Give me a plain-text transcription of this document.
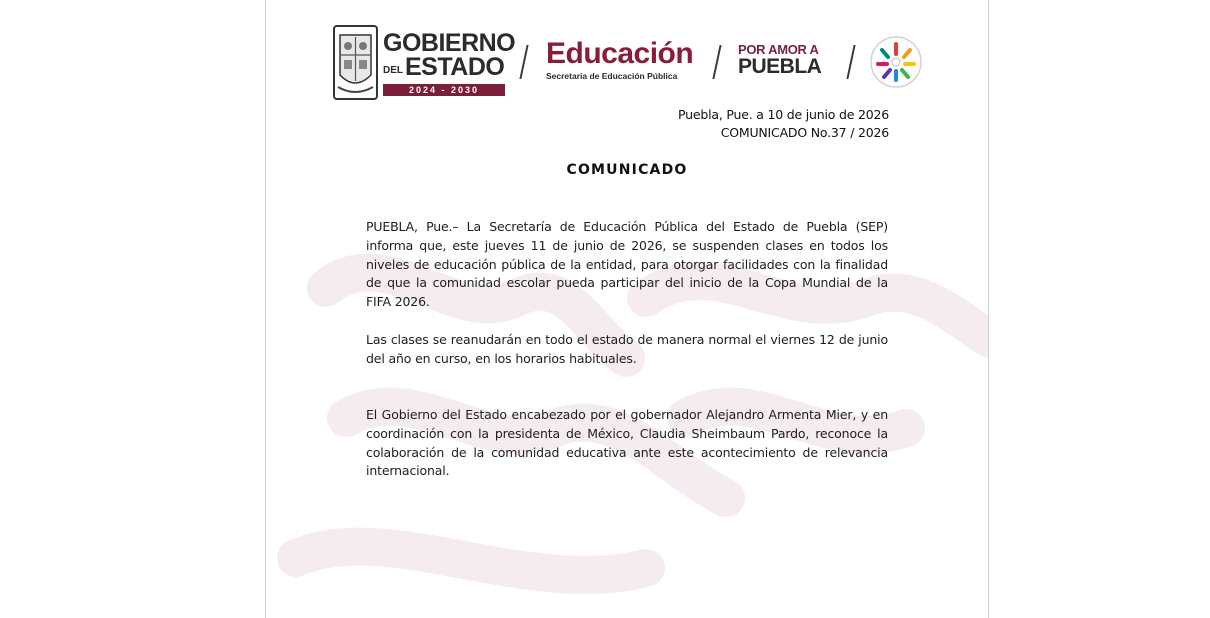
GOBIERNO
DELESTADO
2024 - 2030
Educación
Secretaría de Educación Pública
POR AMOR A
PUEBLA
Puebla, Pue. a 10 de junio de 2026
COMUNICADO No.37 / 2026
COMUNICADO
PUEBLA, Pue.– La Secretaría de Educación Pública del Estado de Puebla (SEP) informa que, este jueves 11 de junio de 2026, se suspenden clases en todos los niveles de educación pública de la entidad, para otorgar facilidades con la finalidad de que la comunidad escolar pueda participar del inicio de la Copa Mundial de la FIFA 2026.
Las clases se reanudarán en todo el estado de manera normal el viernes 12 de junio del año en curso, en los horarios habituales.
El Gobierno del Estado encabezado por el gobernador Alejandro Armenta Mier, y en coordinación con la presidenta de México, Claudia Sheimbaum Pardo, reconoce la colaboración de la comunidad educativa ante este acontecimiento de relevancia internacional.
